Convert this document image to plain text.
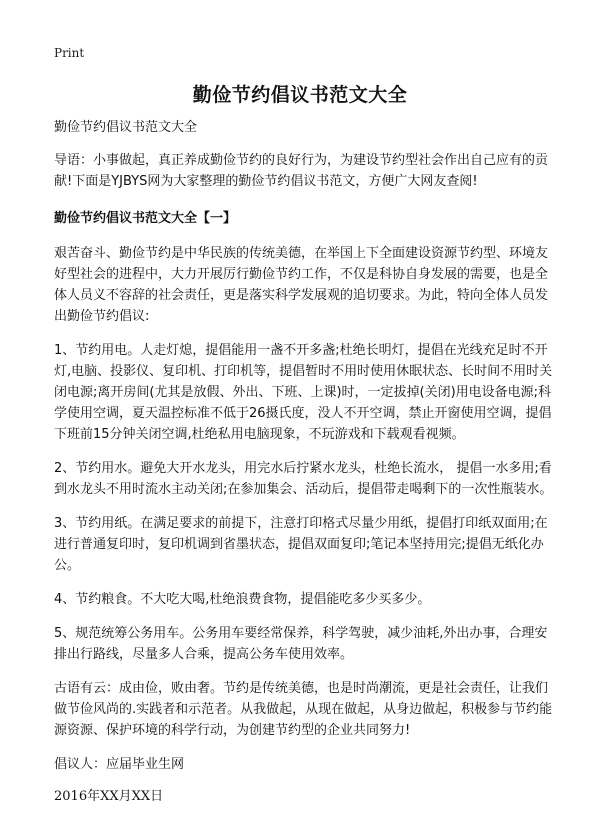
Print
勤俭节约倡议书范文大全

勤俭节约倡议书范文大全

导语：小事做起，真正养成勤俭节约的良好行为，为建设节约型社会作出自己应有的贡献!下面是YJBYS网为大家整理的勤俭节约倡议书范文，方便广大网友查阅!

勤俭节约倡议书范文大全【一】

艰苦奋斗、勤俭节约是中华民族的传统美德，在举国上下全面建设资源节约型、环境友好型社会的进程中，大力开展厉行勤俭节约工作，不仅是科协自身发展的需要，也是全体人员义不容辞的社会责任，更是落实科学发展观的追切要求。为此，特向全体人员发出勤俭节约倡议:

1、节约用电。人走灯熄，提倡能用一盏不开多盏;杜绝长明灯，提倡在光线充足时不开灯,电脑、投影仪、复印机、打印机等，提倡暂时不用时使用休眠状态、长时间不用时关闭电源;离开房间(尤其是放假、外出、下班、上课)时，一定拔掉(关闭)用电设备电源;科学使用空调，夏天温控标准不低于26摄氏度，没人不开空调，禁止开窗使用空调，提倡下班前15分钟关闭空调,杜绝私用电脑现象，不玩游戏和下载观看视频。

2、节约用水。避免大开水龙头，用完水后拧紧水龙头，杜绝长流水， 提倡一水多用;看到水龙头不用时流水主动关闭;在参加集会、活动后，提倡带走喝剩下的一次性瓶装水。

3、节约用纸。在满足要求的前提下，注意打印格式尽量少用纸，提倡打印纸双面用;在进行普通复印时，复印机调到省墨状态，提倡双面复印;笔记本坚持用完;提倡无纸化办公。

4、节约粮食。不大吃大喝,杜绝浪费食物，提倡能吃多少买多少。

5、规范统筹公务用车。公务用车要经常保养，科学驾驶，减少油耗,外出办事，合理安排出行路线，尽量多人合乘，提高公务车使用效率。

古语有云：成由俭，败由奢。节约是传统美德，也是时尚潮流，更是社会责任，让我们做节俭风尚的.实践者和示范者。从我做起，从现在做起，从身边做起，积极参与节约能源资源、保护环境的科学行动，为创建节约型的企业共同努力!

倡议人：应届毕业生网

2016年XX月XX日
